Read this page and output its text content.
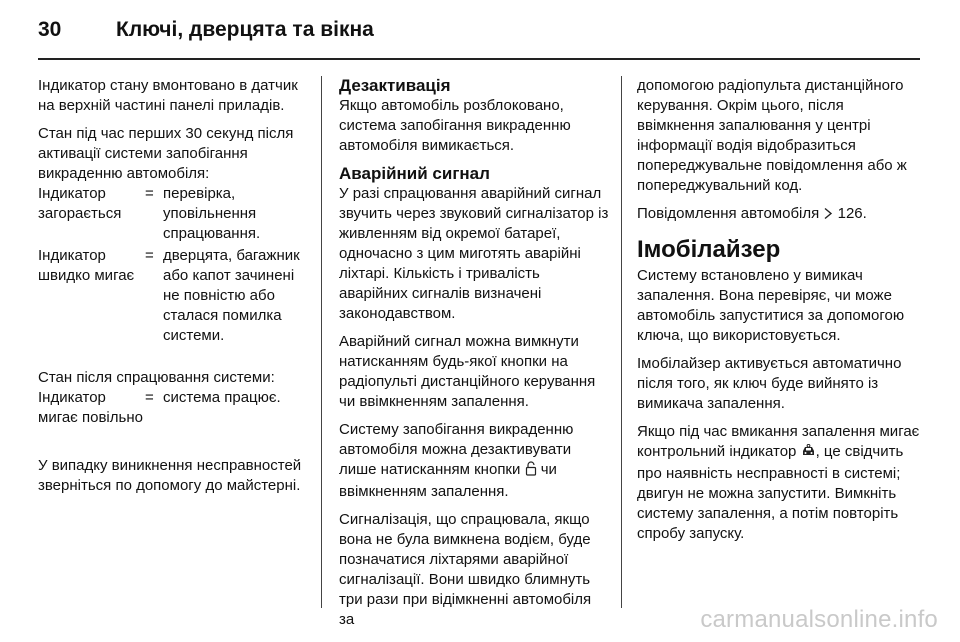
30	Ключі, дверцята та вікна

Індикатор стану вмонтовано в датчик на верхній частині панелі приладів.

Стан під час перших 30 секунд після активації системи запобігання викраденню автомобіля:

Індикатор загорається
= перевірка, уповільнення спрацювання.
Індикатор швидко мигає
= дверцята, багажник або капот зачинені не повністю або сталася помилка системи.

Стан після спрацювання системи:

Індикатор мигає повільно
= система працює.

У випадку виникнення несправностей зверніться по допомогу до майстерні.

Дезактивація

Якщо автомобіль розблоковано, система запобігання викраденню автомобіля вимикається.

Аварійний сигнал

У разі спрацювання аварійний сигнал звучить через звуковий сигналізатор із живленням від окремої батареї, одночасно з цим миготять аварійні ліхтарі. Кількість і тривалість аварійних сигналів визначені законодавством.

Аварійний сигнал можна вимкнути натисканням будь-якої кнопки на радіопульті дистанційного керування чи ввімкненням запалення.

Систему запобігання викраденню автомобіля можна дезактивувати лише натисканням кнопки чи ввімкненням запалення.

Сигналізація, що спрацювала, якщо вона не була вимкнена водієм, буде позначатися ліхтарями аварійної сигналізації. Вони швидко блимнуть три рази при відімкненні автомобіля за

допомогою радіопульта дистанційного керування. Окрім цього, після ввімкнення запалювання у центрі інформації водія відобразиться попереджувальне повідомлення або ж попереджувальний код.

Повідомлення автомобіля 126.

Імобілайзер

Систему встановлено у вимикач запалення. Вона перевіряє, чи може автомобіль запуститися за допомогою ключа, що використовується.

Імобілайзер активується автоматично після того, як ключ буде вийнято із вимикача запалення.

Якщо під час вмикання запалення мигає контрольний індикатор , це свідчить про наявність несправності в системі; двигун не можна запустити. Вимкніть систему запалення, а потім повторіть спробу запуску.

carmanualsonline.info
